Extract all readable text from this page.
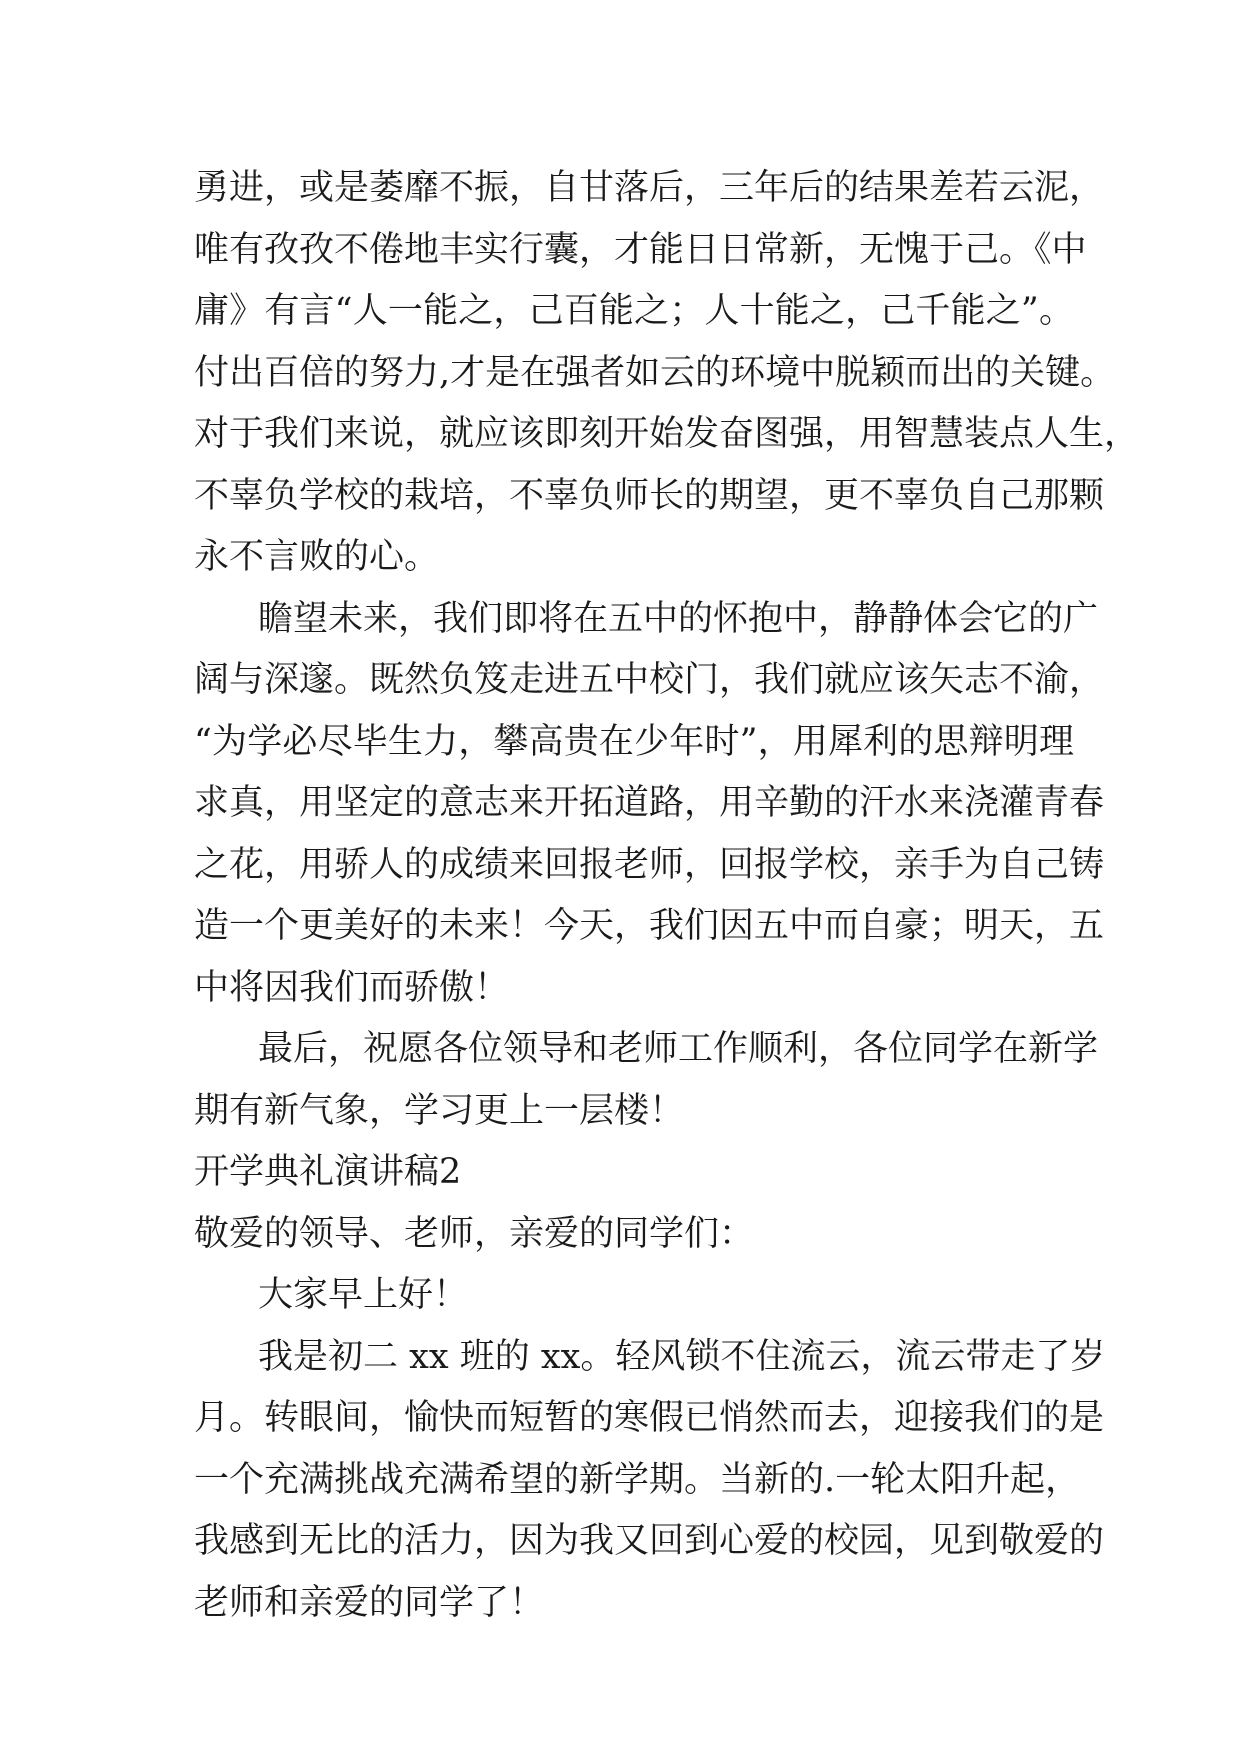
勇进，或是萎靡不振，自甘落后，三年后的结果差若云泥，
唯有孜孜不倦地丰实行囊，才能日日常新，无愧于己。《中
庸》有言“人一能之，己百能之；人十能之，己千能之”。
付出百倍的努力,才是在强者如云的环境中脱颖而出的关键。
对于我们来说，就应该即刻开始发奋图强，用智慧装点人生，
不辜负学校的栽培，不辜负师长的期望，更不辜负自己那颗
永不言败的心。
瞻望未来，我们即将在五中的怀抱中，静静体会它的广
阔与深邃。既然负笈走进五中校门，我们就应该矢志不渝，
“为学必尽毕生力，攀高贵在少年时”，用犀利的思辩明理
求真，用坚定的意志来开拓道路，用辛勤的汗水来浇灌青春
之花，用骄人的成绩来回报老师，回报学校，亲手为自己铸
造一个更美好的未来！今天，我们因五中而自豪；明天，五
中将因我们而骄傲！
最后，祝愿各位领导和老师工作顺利，各位同学在新学
期有新气象，学习更上一层楼！
开学典礼演讲稿2
敬爱的领导、老师，亲爱的同学们：
大家早上好！
我是初二 xx 班的 xx。轻风锁不住流云，流云带走了岁
月。转眼间，愉快而短暂的寒假已悄然而去，迎接我们的是
一个充满挑战充满希望的新学期。当新的.一轮太阳升起，
我感到无比的活力，因为我又回到心爱的校园，见到敬爱的
老师和亲爱的同学了！
